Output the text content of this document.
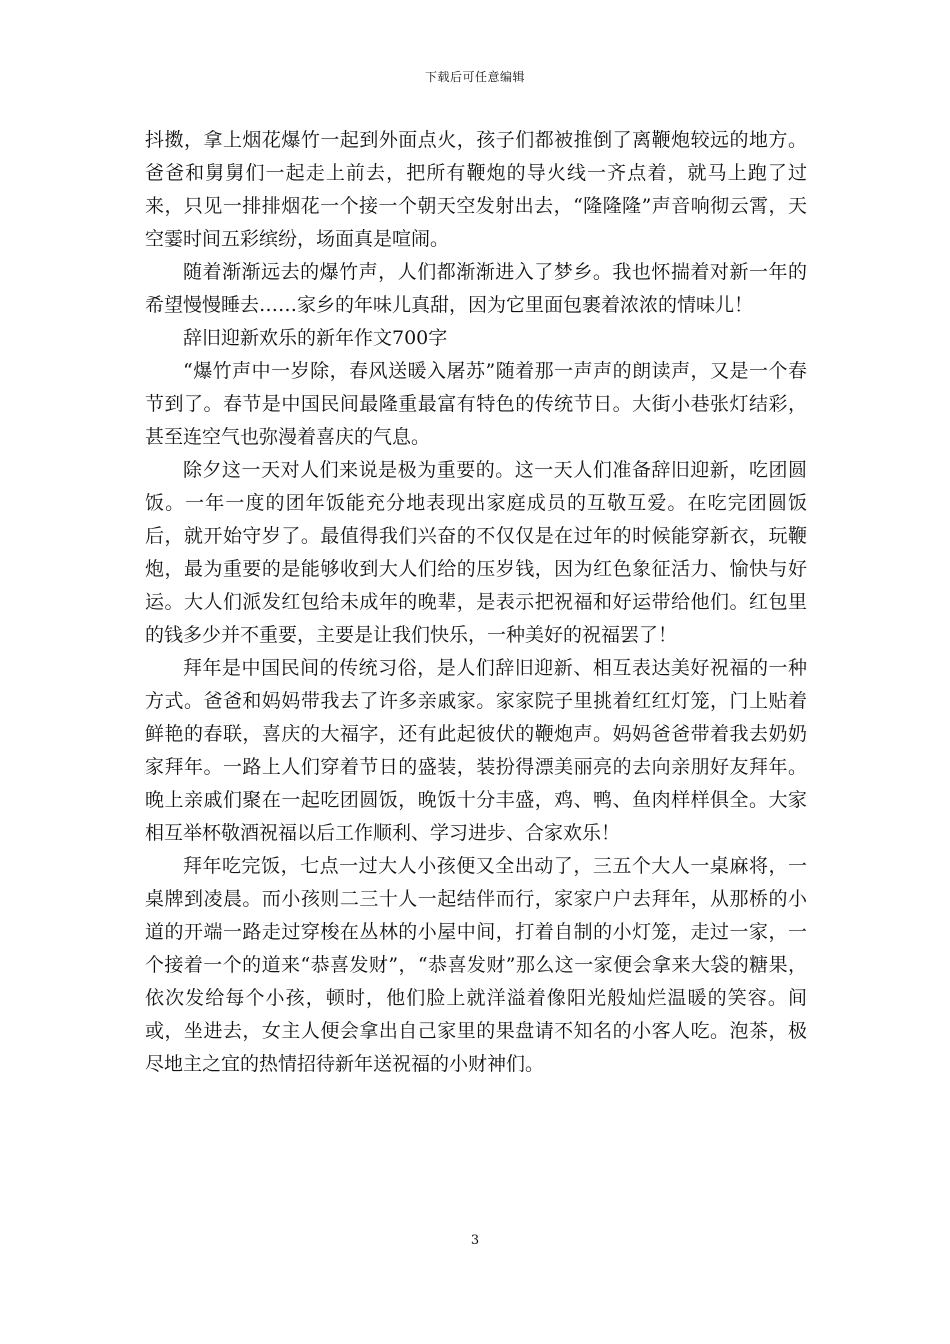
下载后可任意编辑

抖擞，拿上烟花爆竹一起到外面点火，孩子们都被推倒了离鞭炮较远的地方。爸爸和舅舅们一起走上前去，把所有鞭炮的导火线一齐点着，就马上跑了过来，只见一排排烟花一个接一个朝天空发射出去，“隆隆隆”声音响彻云霄，天空霎时间五彩缤纷，场面真是喧闹。

随着渐渐远去的爆竹声，人们都渐渐进入了梦乡。我也怀揣着对新一年的希望慢慢睡去……家乡的年味儿真甜，因为它里面包裹着浓浓的情味儿！

辞旧迎新欢乐的新年作文700字

“爆竹声中一岁除，春风送暖入屠苏”随着那一声声的朗读声，又是一个春节到了。春节是中国民间最隆重最富有特色的传统节日。大街小巷张灯结彩，甚至连空气也弥漫着喜庆的气息。

除夕这一天对人们来说是极为重要的。这一天人们准备辞旧迎新，吃团圆饭。一年一度的团年饭能充分地表现出家庭成员的互敬互爱。在吃完团圆饭后，就开始守岁了。最值得我们兴奋的不仅仅是在过年的时候能穿新衣，玩鞭炮，最为重要的是能够收到大人们给的压岁钱，因为红色象征活力、愉快与好运。大人们派发红包给未成年的晚辈，是表示把祝福和好运带给他们。红包里的钱多少并不重要，主要是让我们快乐，一种美好的祝福罢了！

拜年是中国民间的传统习俗，是人们辞旧迎新、相互表达美好祝福的一种方式。爸爸和妈妈带我去了许多亲戚家。家家院子里挑着红红灯笼，门上贴着鲜艳的春联，喜庆的大福字，还有此起彼伏的鞭炮声。妈妈爸爸带着我去奶奶家拜年。一路上人们穿着节日的盛装，装扮得漂美丽亮的去向亲朋好友拜年。晚上亲戚们聚在一起吃团圆饭，晚饭十分丰盛，鸡、鸭、鱼肉样样俱全。大家相互举杯敬酒祝福以后工作顺利、学习进步、合家欢乐！

拜年吃完饭，七点一过大人小孩便又全出动了，三五个大人一桌麻将，一桌牌到凌晨。而小孩则二三十人一起结伴而行，家家户户去拜年，从那桥的小道的开端一路走过穿梭在丛林的小屋中间，打着自制的小灯笼，走过一家，一个接着一个的道来“恭喜发财”，“恭喜发财”那么这一家便会拿来大袋的糖果，依次发给每个小孩，顿时，他们脸上就洋溢着像阳光般灿烂温暖的笑容。间或，坐进去，女主人便会拿出自己家里的果盘请不知名的小客人吃。泡茶，极尽地主之宜的热情招待新年送祝福的小财神们。

3
